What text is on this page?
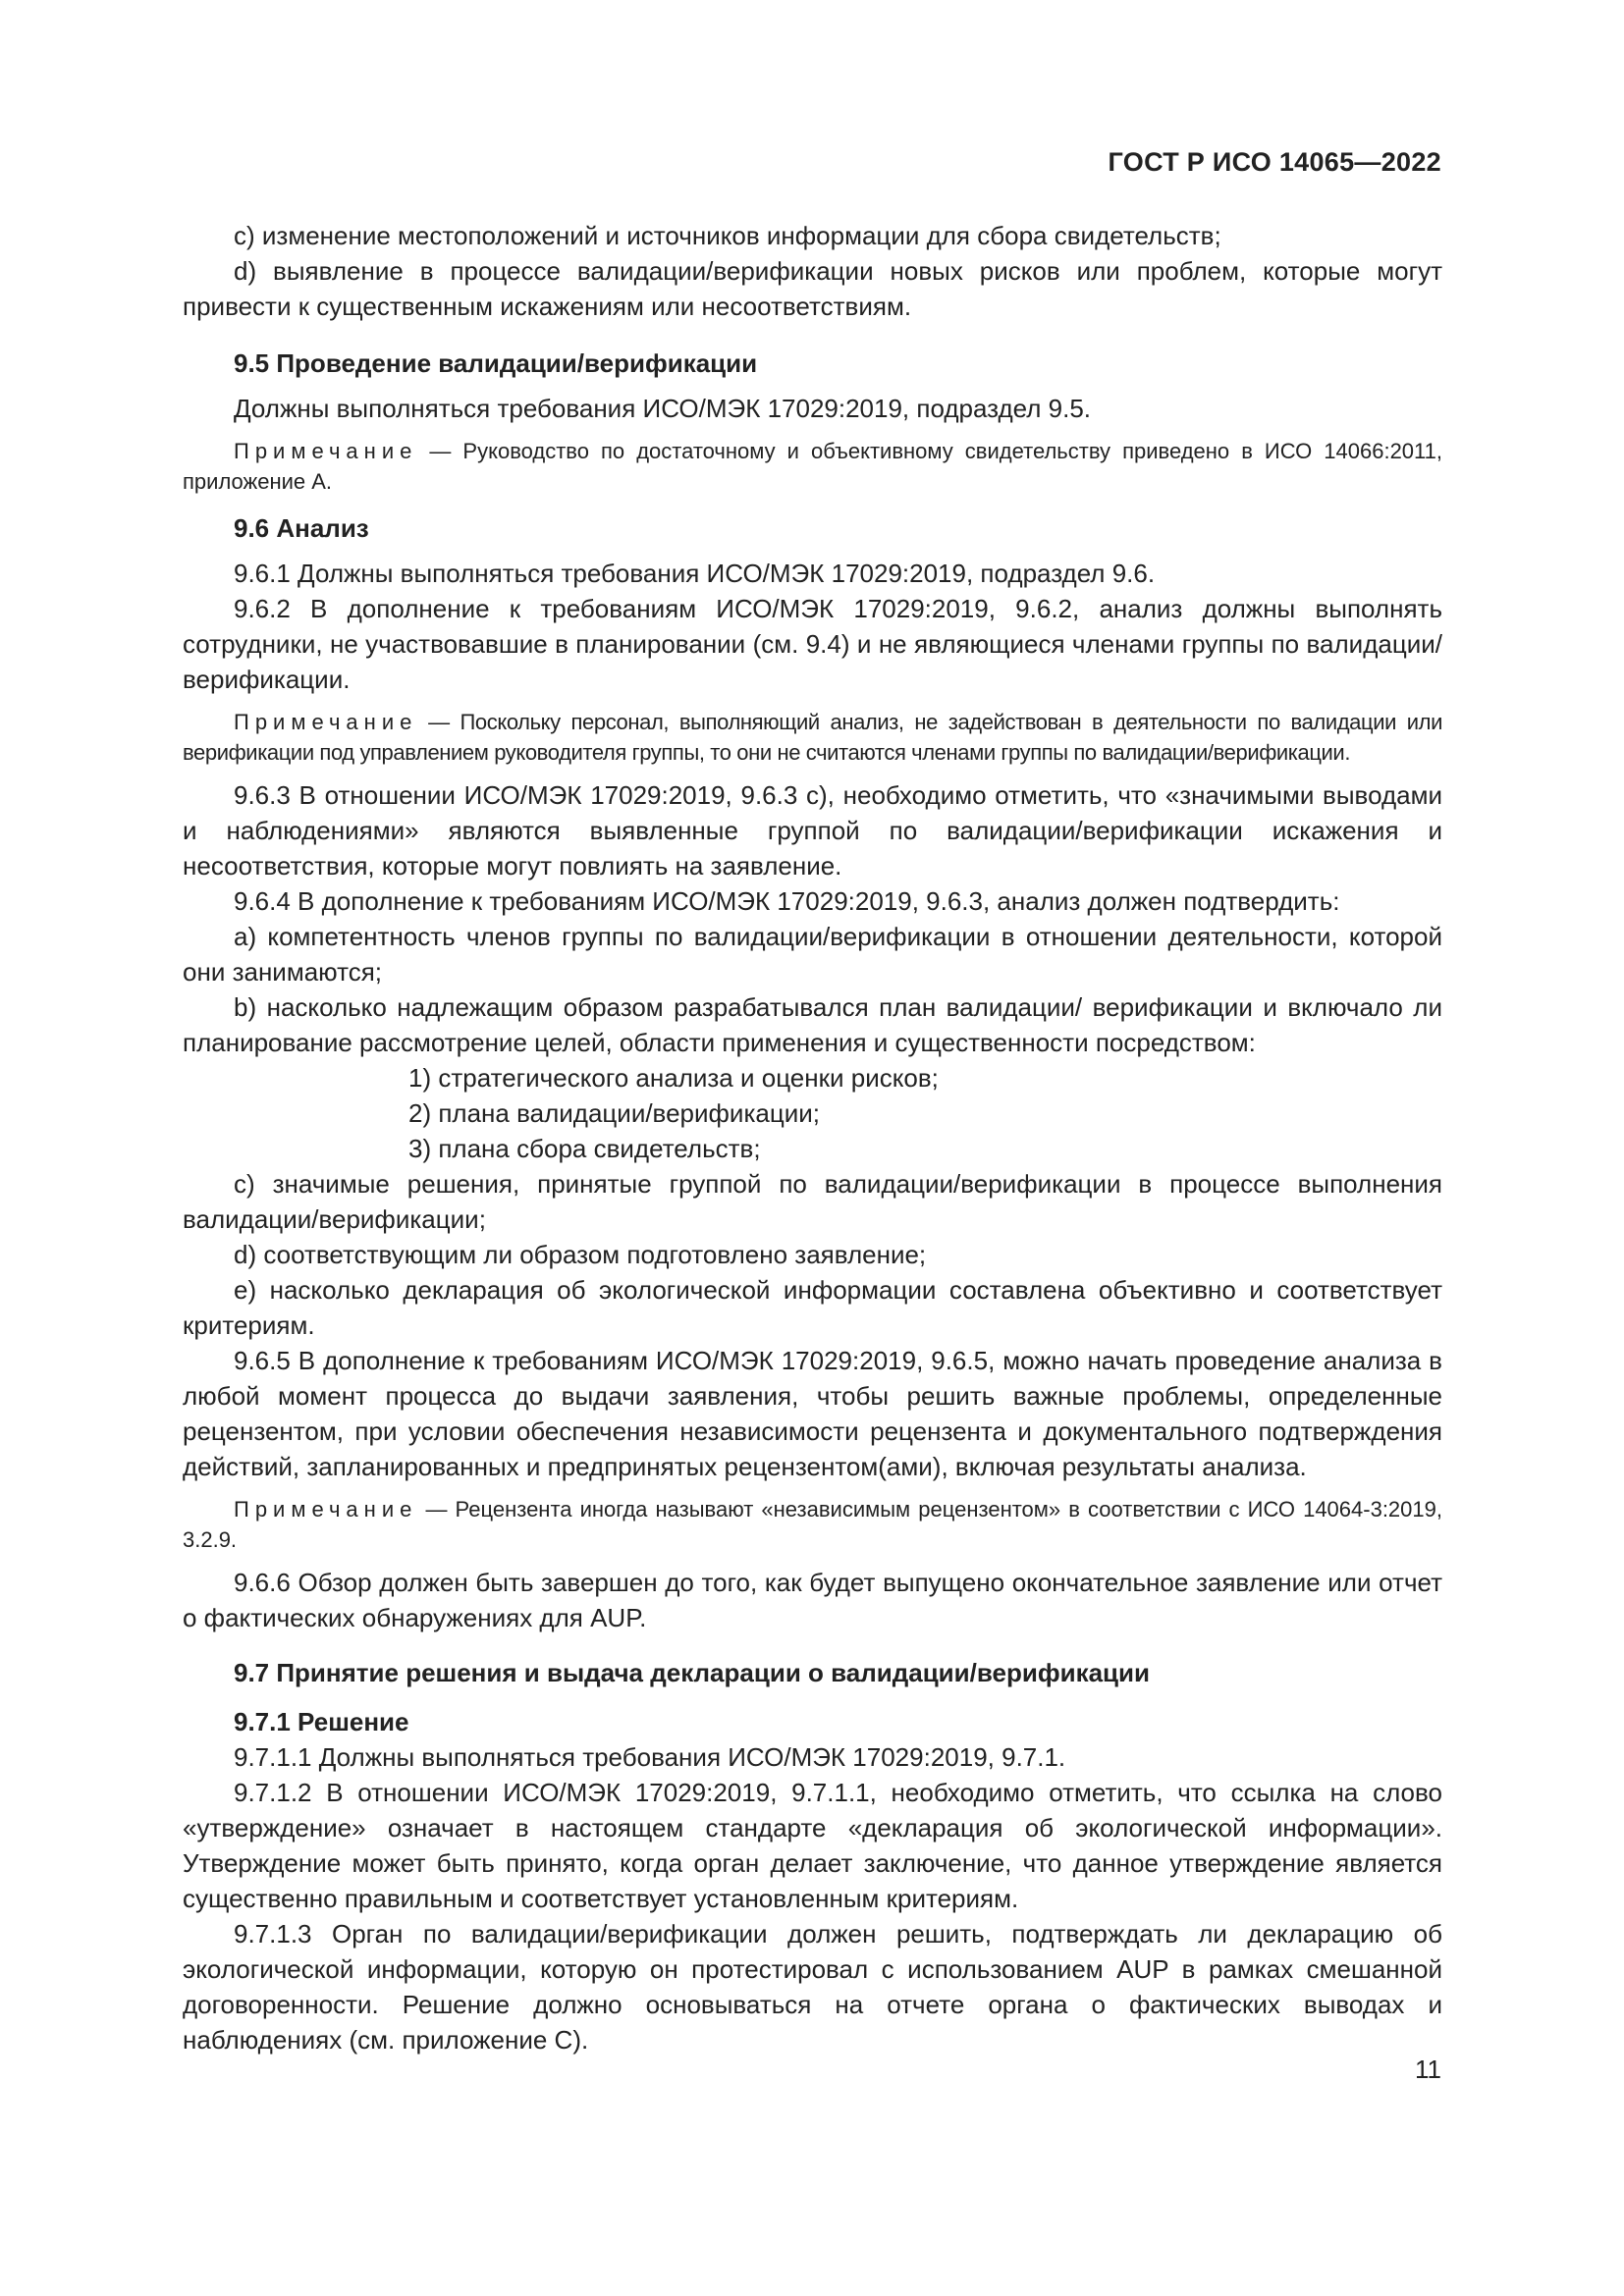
ГОСТ Р ИСО 14065—2022

c) изменение местоположений и источников информации для сбора свидетельств;

d) выявление в процессе валидации/верификации новых рисков или проблем, которые могут привести к существенным искажениям или несоответствиям.

9.5 Проведение валидации/верификации

Должны выполняться требования ИСО/МЭК 17029:2019, подраздел 9.5.

Примечание — Руководство по достаточному и объективному свидетельству приведено в ИСО 14066:2011, приложение А.
9.6 Анализ

9.6.1 Должны выполняться требования ИСО/МЭК 17029:2019, подраздел 9.6.

9.6.2 В дополнение к требованиям ИСО/МЭК 17029:2019, 9.6.2, анализ должны выполнять сотрудники, не участвовавшие в планировании (см. 9.4) и не являющиеся членами группы по валидации/верификации.

Примечание — Поскольку персонал, выполняющий анализ, не задействован в деятельности по валидации или верификации под управлением руководителя группы, то они не считаются членами группы по валидации/верификации.

9.6.3 В отношении ИСО/МЭК 17029:2019, 9.6.3 с), необходимо отметить, что «значимыми выводами и наблюдениями» являются выявленные группой по валидации/верификации искажения и несоответствия, которые могут повлиять на заявление.

9.6.4 В дополнение к требованиям ИСО/МЭК 17029:2019, 9.6.3, анализ должен подтвердить:

a) компетентность членов группы по валидации/верификации в отношении деятельности, которой они занимаются;

b) насколько надлежащим образом разрабатывался план валидации/ верификации и включало ли планирование рассмотрение целей, области применения и существенности посредством:

1) стратегического анализа и оценки рисков;

2) плана валидации/верификации;

3) плана сбора свидетельств;

c) значимые решения, принятые группой по валидации/верификации в процессе выполнения валидации/верификации;

d) соответствующим ли образом подготовлено заявление;

e) насколько декларация об экологической информации составлена объективно и соответствует критериям.

9.6.5 В дополнение к требованиям ИСО/МЭК 17029:2019, 9.6.5, можно начать проведение анализа в любой момент процесса до выдачи заявления, чтобы решить важные проблемы, определенные рецензентом, при условии обеспечения независимости рецензента и документального подтверждения действий, запланированных и предпринятых рецензентом(ами), включая результаты анализа.

Примечание — Рецензента иногда называют «независимым рецензентом» в соответствии с ИСО 14064-3:2019, 3.2.9.

9.6.6 Обзор должен быть завершен до того, как будет выпущено окончательное заявление или отчет о фактических обнаружениях для AUP.

9.7 Принятие решения и выдача декларации о валидации/верификации
9.7.1 Решение

9.7.1.1 Должны выполняться требования ИСО/МЭК 17029:2019, 9.7.1.

9.7.1.2 В отношении ИСО/МЭК 17029:2019, 9.7.1.1, необходимо отметить, что ссылка на слово «утверждение» означает в настоящем стандарте «декларация об экологической информации». Утверждение может быть принято, когда орган делает заключение, что данное утверждение является существенно правильным и соответствует установленным критериям.

9.7.1.3 Орган по валидации/верификации должен решить, подтверждать ли декларацию об экологической информации, которую он протестировал с использованием AUP в рамках смешанной договоренности. Решение должно основываться на отчете органа о фактических выводах и наблюдениях (см. приложение С).

11
